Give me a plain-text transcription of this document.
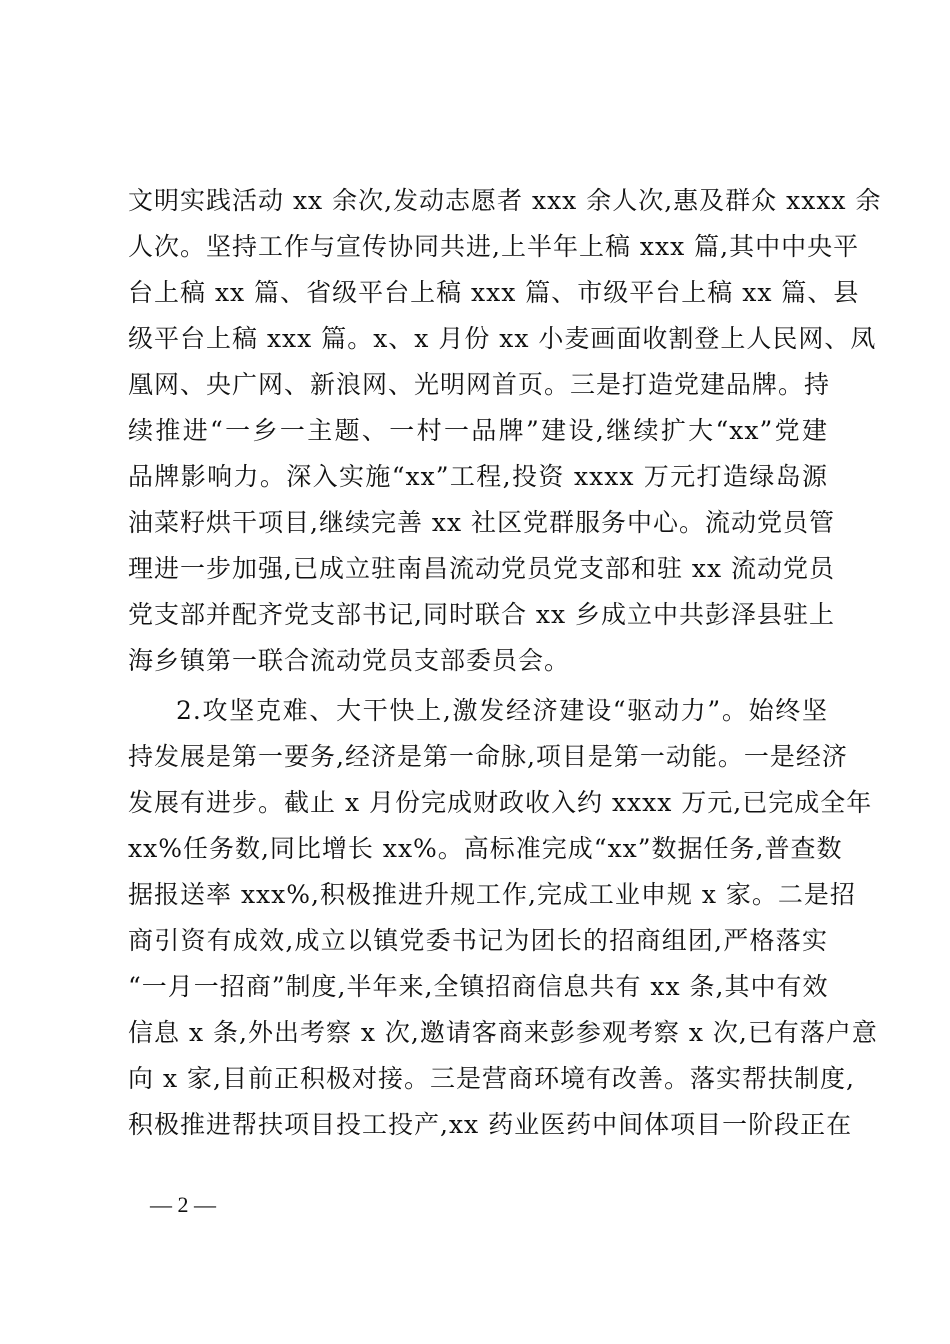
文明实践活动 xx 余次,发动志愿者 xxx 余人次,惠及群众 xxxx 余
人次。坚持工作与宣传协同共进,上半年上稿 xxx 篇,其中中央平
台上稿 xx 篇、省级平台上稿 xxx 篇、市级平台上稿 xx 篇、县
级平台上稿 xxx 篇。x、x 月份 xx 小麦画面收割登上人民网、凤
凰网、央广网、新浪网、光明网首页。三是打造党建品牌。持
续推进“一乡一主题、一村一品牌”建设,继续扩大“xx”党建
品牌影响力。深入实施“xx”工程,投资 xxxx 万元打造绿岛源
油菜籽烘干项目,继续完善 xx 社区党群服务中心。流动党员管
理进一步加强,已成立驻南昌流动党员党支部和驻 xx 流动党员
党支部并配齐党支部书记,同时联合 xx 乡成立中共彭泽县驻上
海乡镇第一联合流动党员支部委员会。
2.攻坚克难、大干快上,激发经济建设“驱动力”。始终坚
持发展是第一要务,经济是第一命脉,项目是第一动能。一是经济
发展有进步。截止 x 月份完成财政收入约 xxxx 万元,已完成全年
xx%任务数,同比增长 xx%。高标准完成“xx”数据任务,普查数
据报送率 xxx%,积极推进升规工作,完成工业申规 x 家。二是招
商引资有成效,成立以镇党委书记为团长的招商组团,严格落实
“一月一招商”制度,半年来,全镇招商信息共有 xx 条,其中有效
信息 x 条,外出考察 x 次,邀请客商来彭参观考察 x 次,已有落户意
向 x 家,目前正积极对接。三是营商环境有改善。落实帮扶制度,
积极推进帮扶项目投工投产,xx 药业医药中间体项目一阶段正在
— 2 —
